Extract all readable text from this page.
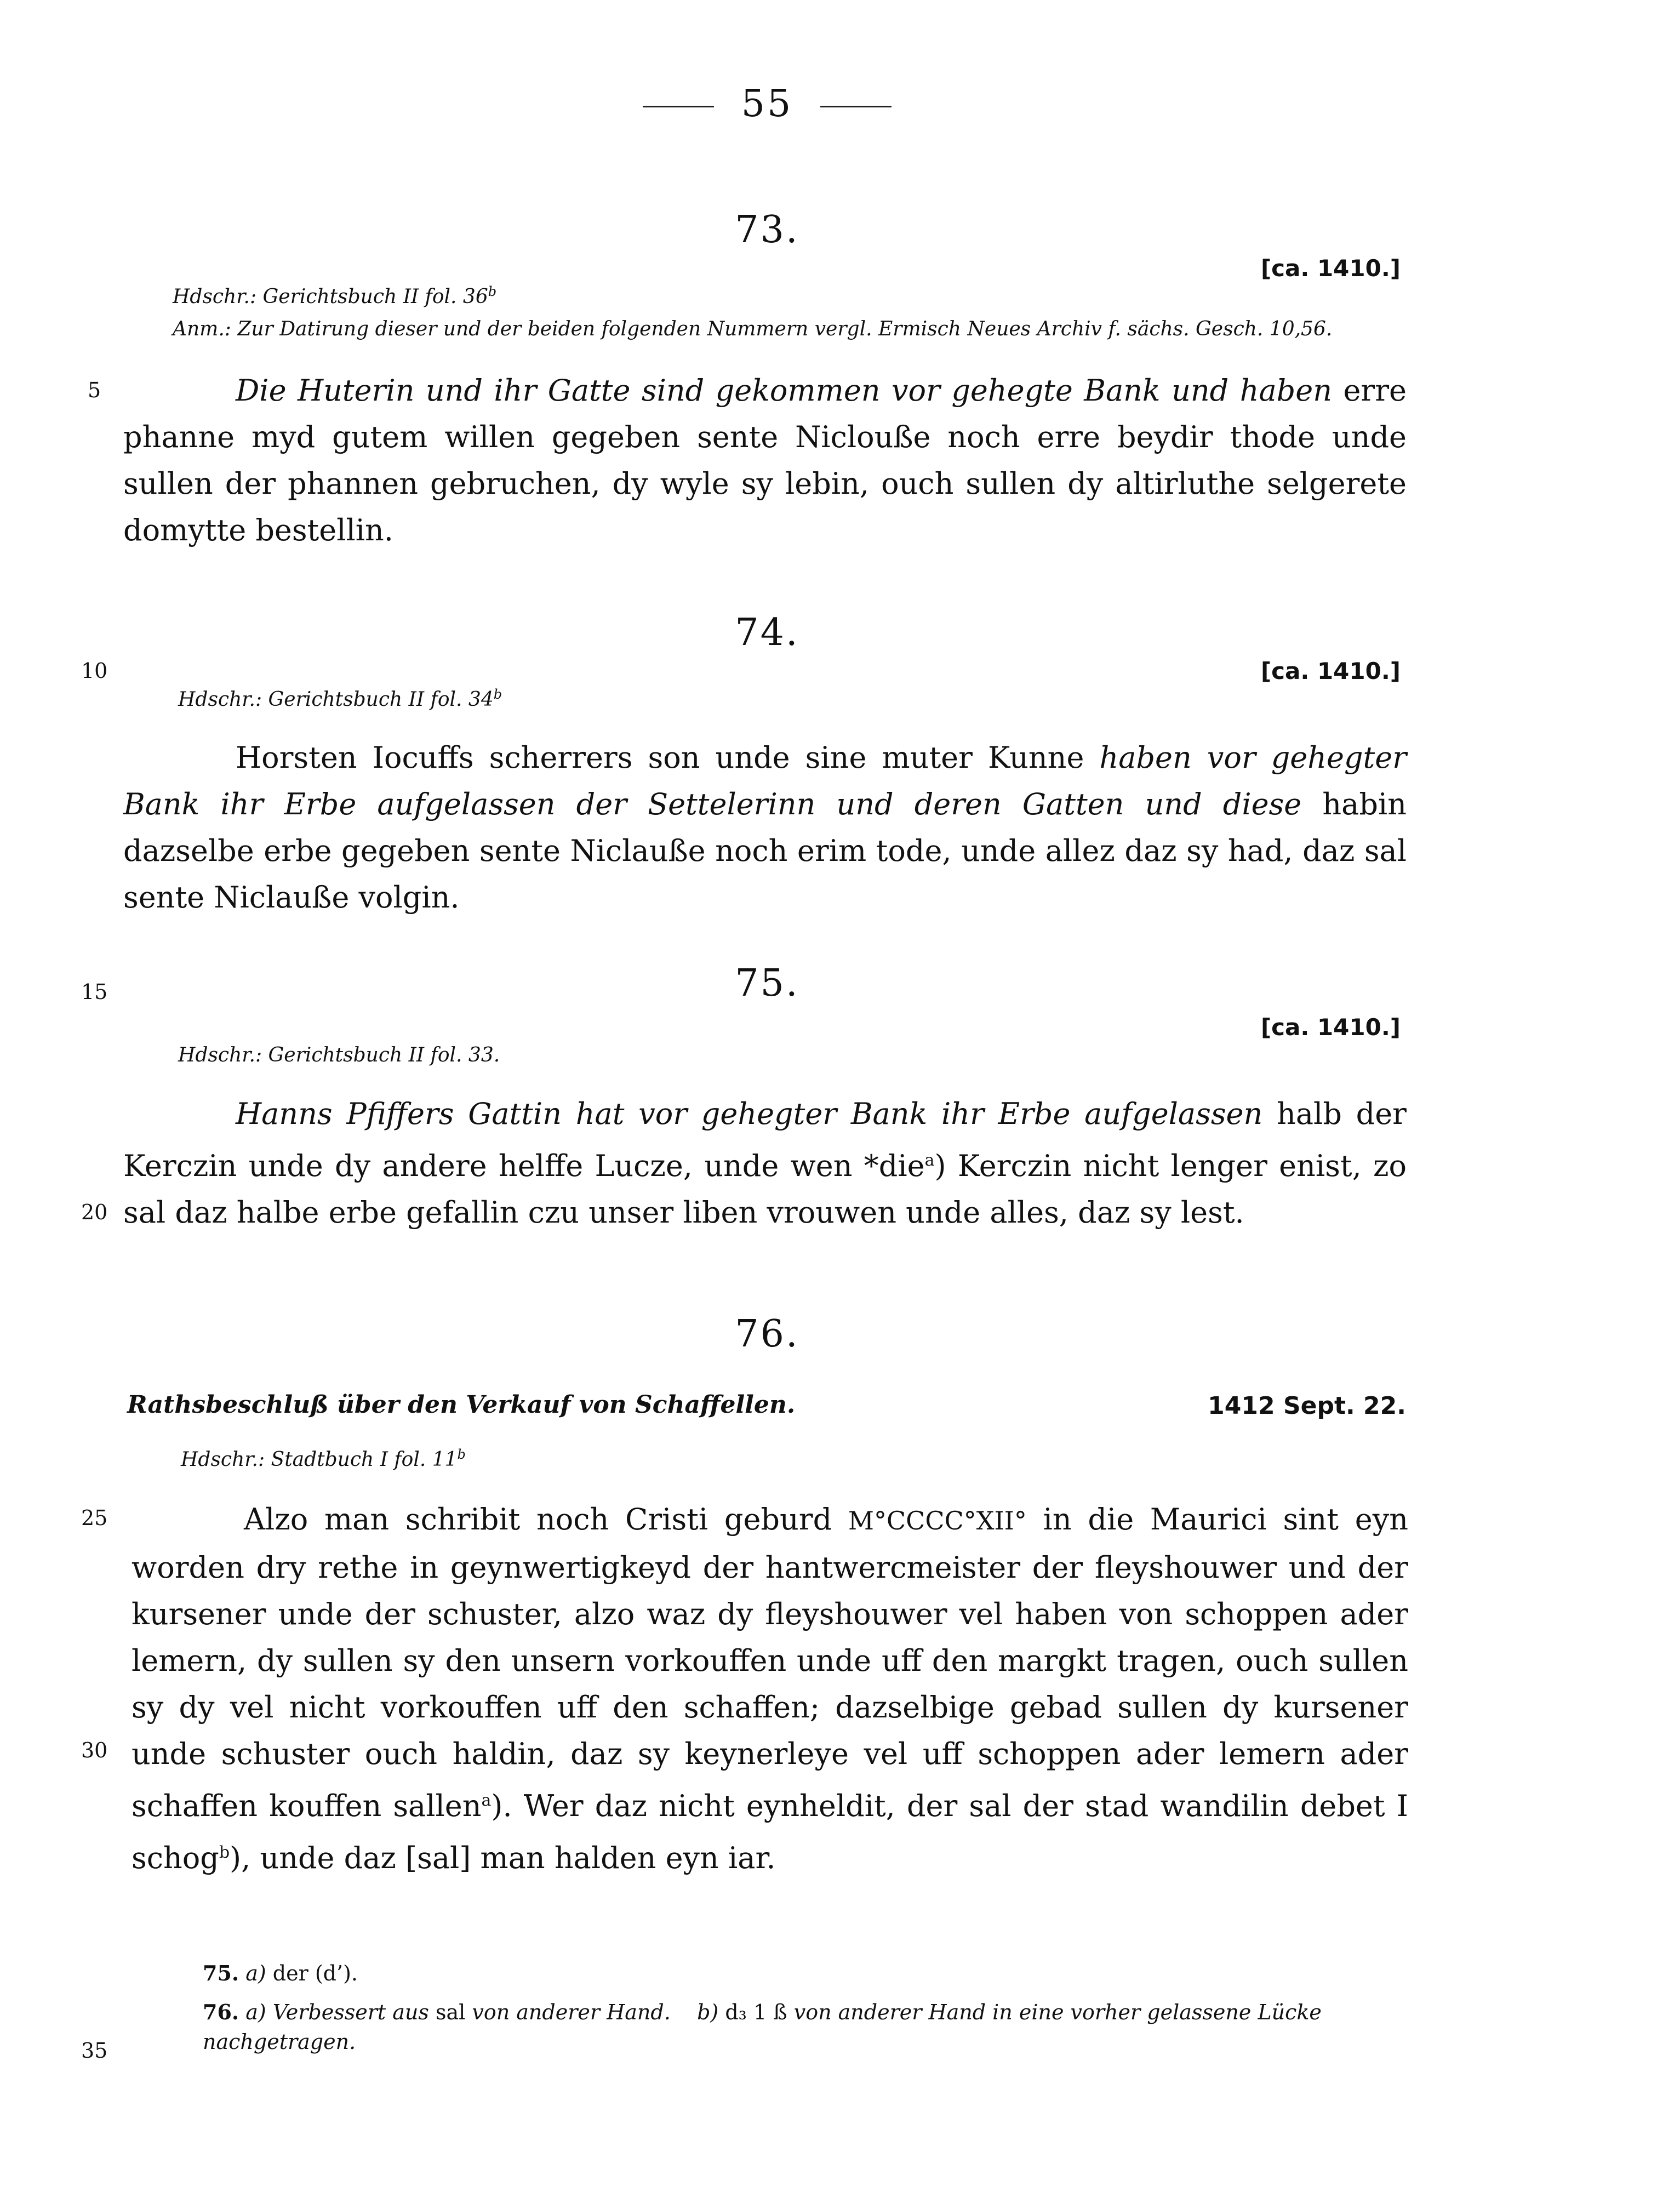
55
5
10
15
20
25
30
35
73.
[ca. 1410.]
Hdschr.: Gerichtsbuch II fol. 36$^b$
Anm.: Zur Datirung dieser und der beiden folgenden Nummern vergl. Ermisch Neues Archiv f. sächs. Gesch. 10,56.
Die Huterin und ihr Gatte sind gekommen vor gehegte Bank und haben erre phanne myd gutem willen gegeben sente Niclouße noch erre beydir thode unde sullen der phannen gebruchen, dy wyle sy lebin, ouch sullen dy altirluthe selgerete domytte bestellin.
74.
[ca. 1410.]
Hdschr.: Gerichtsbuch II fol. 34$^b$
Horsten Iocuffs scherrers son unde sine muter Kunne haben vor gehegter Bank ihr Erbe aufgelassen der Setteleri​nn und deren Gatten und diese habin dazselbe erbe gegeben sente Niclauße noch erim tode, unde allez daz sy had, daz sal sente Niclauße volgin.
75.
[ca. 1410.]
Hdschr.: Gerichtsbuch II fol. 33.
Hanns Pfiffers Gattin hat vor gehegter Bank ihr Erbe aufgelassen halb der Kerczin unde dy andere helffe Lucze, unde wen *die$^a$) Kerczin nicht lenger enist, zo sal daz halbe erbe gefallin czu unser liben vrouwen unde alles, daz sy lest.
76.
Rathsbeschluß über den Verkauf von Schaffellen.	1412 Sept. 22.
Hdschr.: Stadtbuch I fol. 11$^b$
Alzo man schribit noch Cristi geburd M°CCCC°XII° in die Maurici sint eyn worden dry rethe in geynwertigkeyd der hantwercmeister der fleyshouwer und der kursener unde der schuster, alzo waz dy fleyshouwer vel haben von schoppen ader lemern, dy sullen sy den unsern vorkouffen unde uff den margkt tragen, ouch sullen sy dy vel nicht vorkouffen uff den schaffen; dazselbige gebad sullen dy kursener unde schuster ouch haldin, daz sy keynerleye vel uff schoppen ader lemern ader schaffen kouffen sallen$^a$). Wer daz nicht eynheldit, der sal der stad wandilin debet I schog$^b$), unde daz [sal] man halden eyn iar.
75. a) der (d’).
76. a) Verbessert aus sal von anderer Hand. b) d₃ 1 ß von anderer Hand in eine vorher gelassene Lücke nachgetragen.
